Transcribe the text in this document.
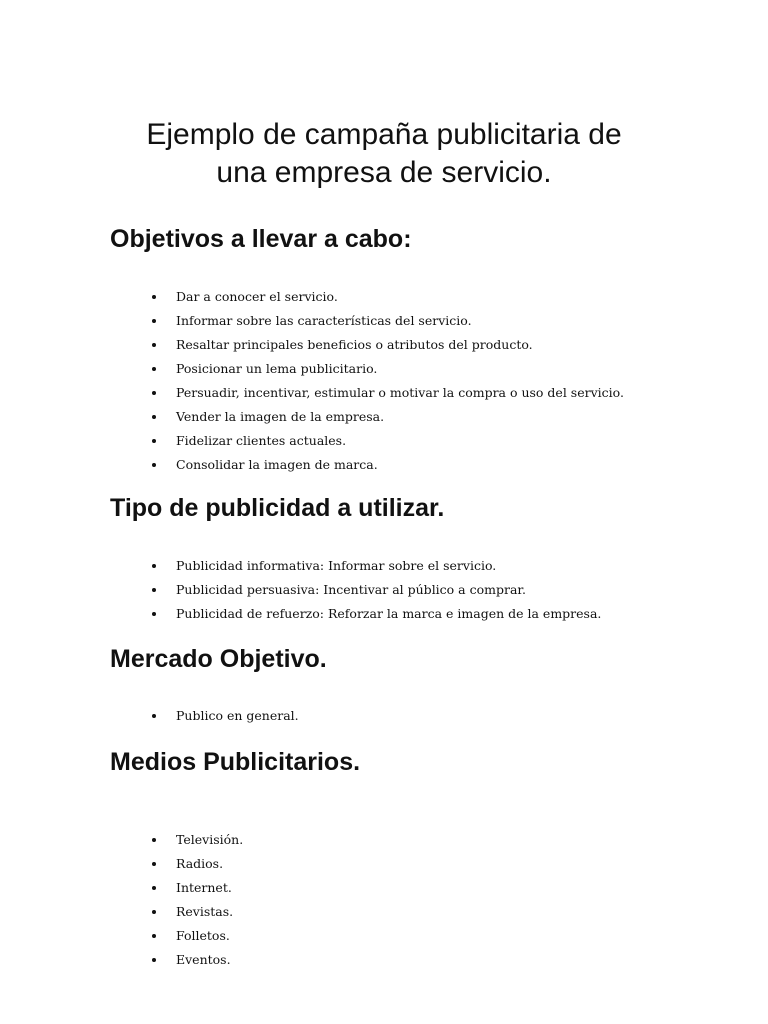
Ejemplo de campaña publicitaria de
una empresa de servicio.
Objetivos a llevar a cabo:
Dar a conocer el servicio.
Informar sobre las características del servicio.
Resaltar principales beneficios o atributos del producto.
Posicionar un lema publicitario.
Persuadir, incentivar, estimular o motivar la compra o uso del servicio.
Vender la imagen de la empresa.
Fidelizar clientes actuales.
Consolidar la imagen de marca.
Tipo de publicidad a utilizar.
Publicidad informativa: Informar sobre el servicio.
Publicidad persuasiva: Incentivar al público a comprar.
Publicidad de refuerzo: Reforzar la marca e imagen de la empresa.
Mercado Objetivo.
Publico en general.
Medios Publicitarios.
Televisión.
Radios.
Internet.
Revistas.
Folletos.
Eventos.
